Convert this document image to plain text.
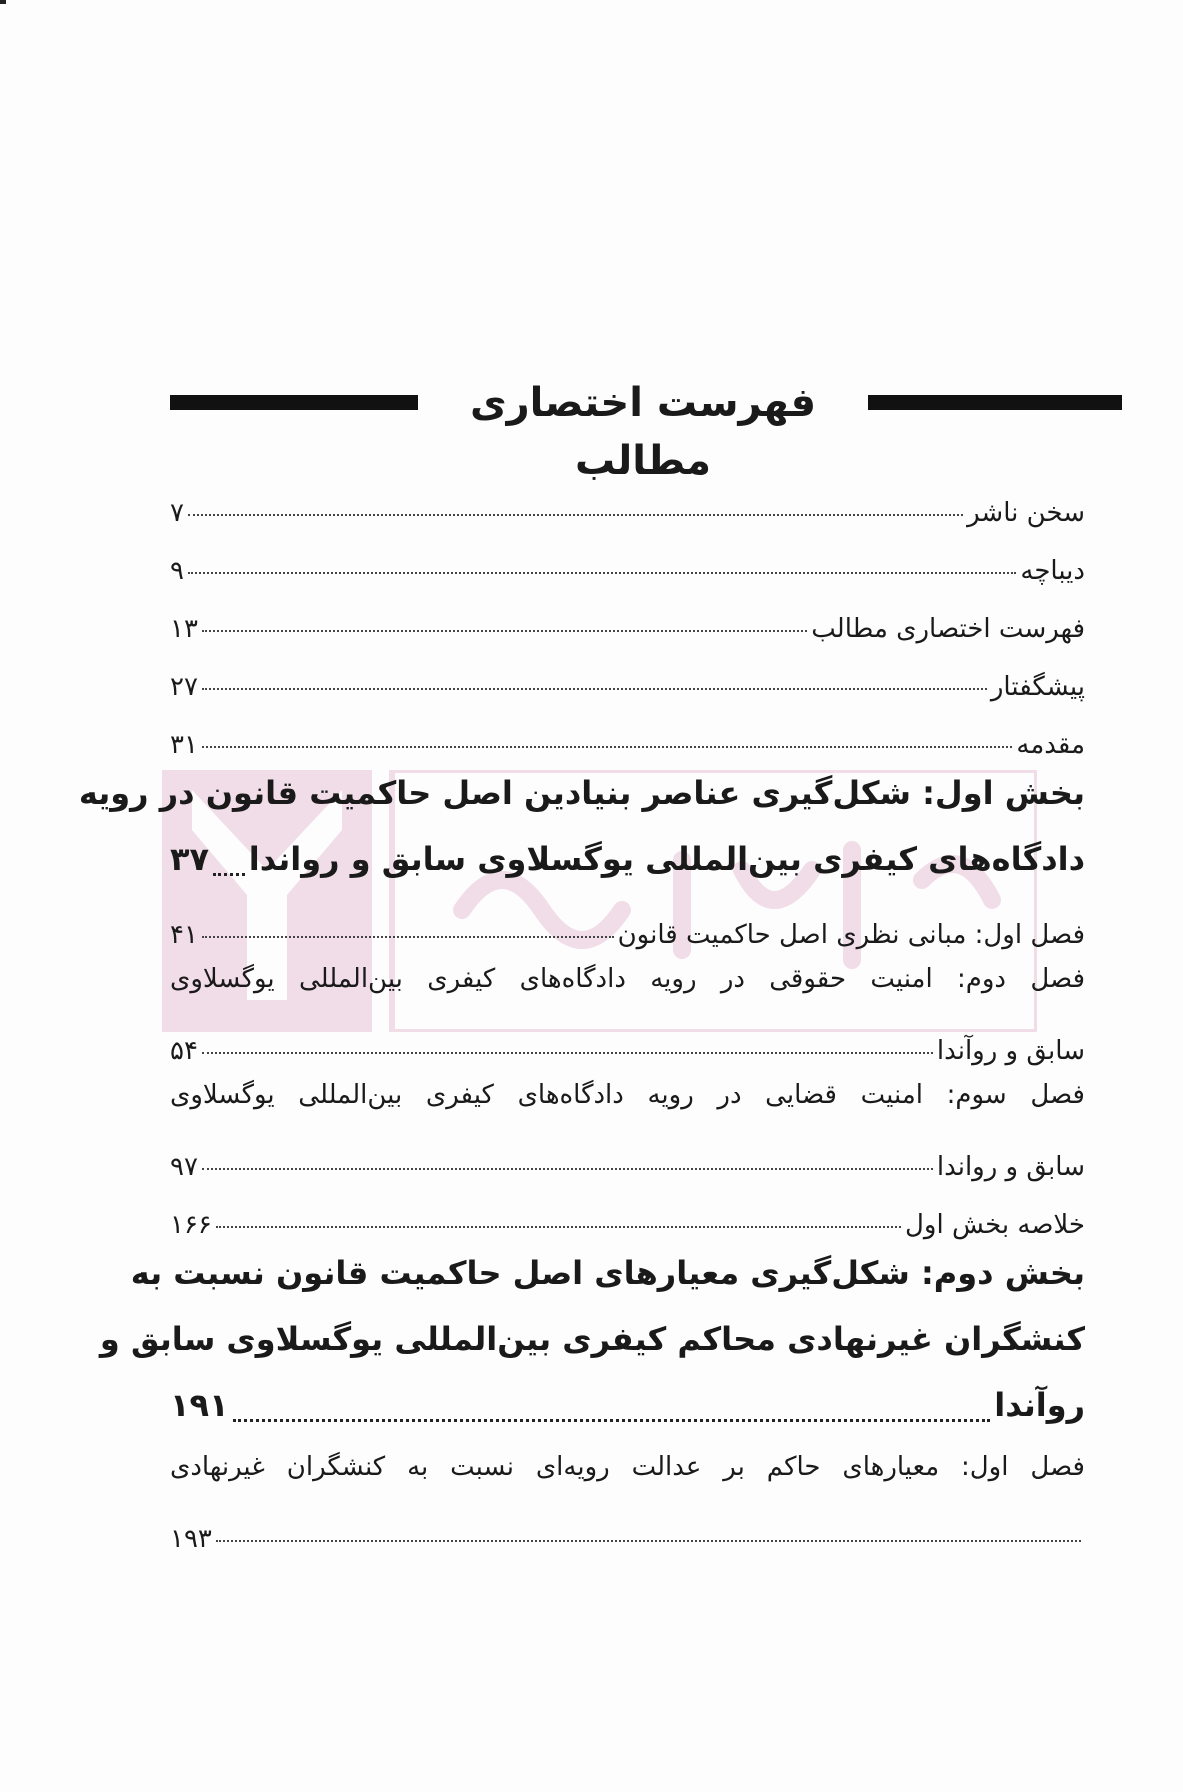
فهرست اختصاری مطالب
سخن ناشر
۷
دیباچه
۹
فهرست اختصاری مطالب
۱۳
پیشگفتار
۲۷
مقدمه
۳۱
بخش اول: شکل‌گیری عناصر بنیادین اصل حاکمیت قانون در رویه
دادگاه‌های کیفری بین‌المللی یوگسلاوی سابق و رواندا
۳۷
فصل اول: مبانی نظری اصل حاکمیت قانون
۴۱
فصل دوم: امنیت حقوقی در رویه دادگاه‌های کیفری بین‌المللی یوگسلاوی
سابق و روآندا
۵۴
فصل سوم: امنیت قضایی در رویه دادگاه‌های کیفری بین‌المللی یوگسلاوی
سابق و رواندا
۹۷
خلاصه بخش اول
۱۶۶
بخش دوم: شکل‌گیری معیارهای اصل حاکمیت قانون نسبت به
کنشگران غیرنهادی محاکم کیفری بین‌المللی یوگسلاوی سابق و
روآندا
۱۹۱
فصل اول: معیارهای حاکم بر عدالت رویه‌ای نسبت به کنشگران غیرنهادی
۱۹۳
